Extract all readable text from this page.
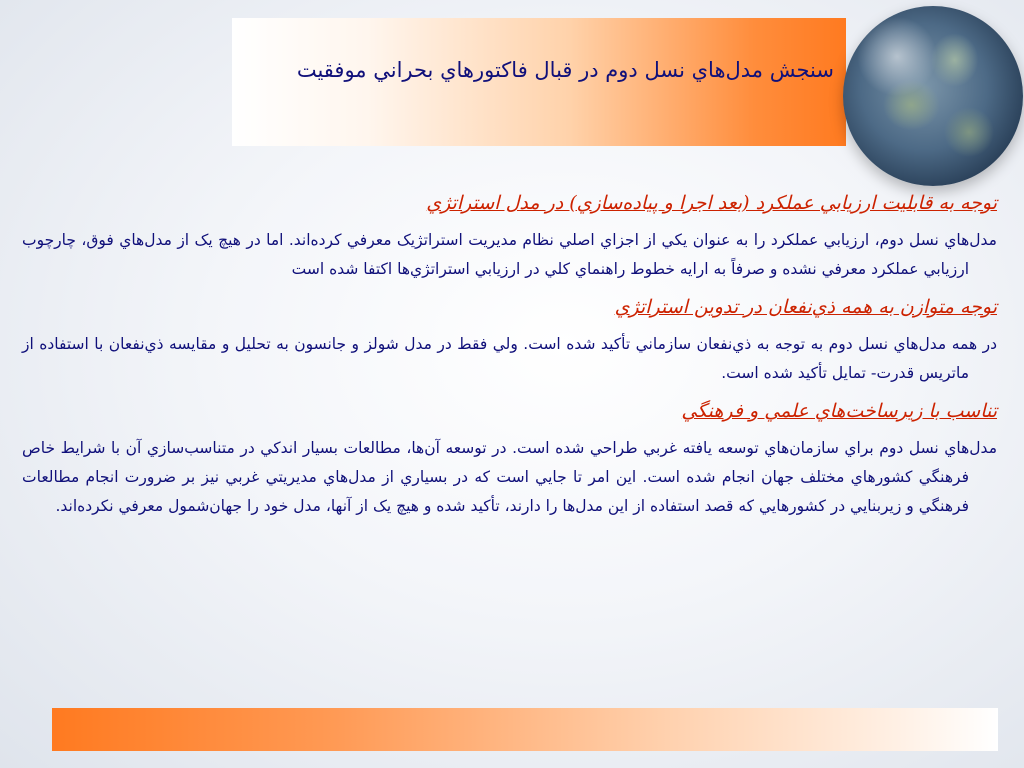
سنجش مدل‌هاي نسل دوم در قبال فاكتورهاي بحراني موفقيت
توجه به قابليت ارزيابي عملكرد (بعد اجرا و پياده‌سازي) در مدل استراتژي

مدل‌هاي نسل دوم، ارزيابي عملكرد را به عنوان يكي از اجزاي اصلي نظام مديريت استراتژيک معرفي كرده‌اند. اما در هيچ يک از مدل‌هاي فوق، چارچوب ارزيابي عملكرد معرفي نشده و صرفاً به ارايه خطوط راهنماي كلي در ارزيابي استراتژي‌ها اكتفا شده است

توجه متوازن به همه ذي‌نفعان در تدوين استراتژي

در همه مدل‌هاي نسل دوم به توجه به ذي‌نفعان سازماني تأكيد شده است. ولي فقط در مدل شولز و جانسون به تحليل و مقايسه ذي‌نفعان با استفاده از ماتريس قدرت- تمايل تأكيد شده است.

تناسب با زيرساخت‌هاي علمي و فرهنگي

مدل‌هاي نسل دوم براي سازمان‌هاي توسعه يافته غربي طراحي شده است. در توسعه آن‌ها، مطالعات بسيار اندكي در متناسب‌سازي آن با شرايط خاص فرهنگي كشورهاي مختلف جهان انجام شده است. اين امر تا جايي است كه در بسياري از مدل‌هاي مديريتي غربي نيز بر ضرورت انجام مطالعات فرهنگي و زيربنايي در كشورهايي كه قصد استفاده از اين مدل‌ها را دارند، تأكيد شده و هيچ يک از آنها، مدل خود را جهان‌شمول معرفي نكرده‌اند.
